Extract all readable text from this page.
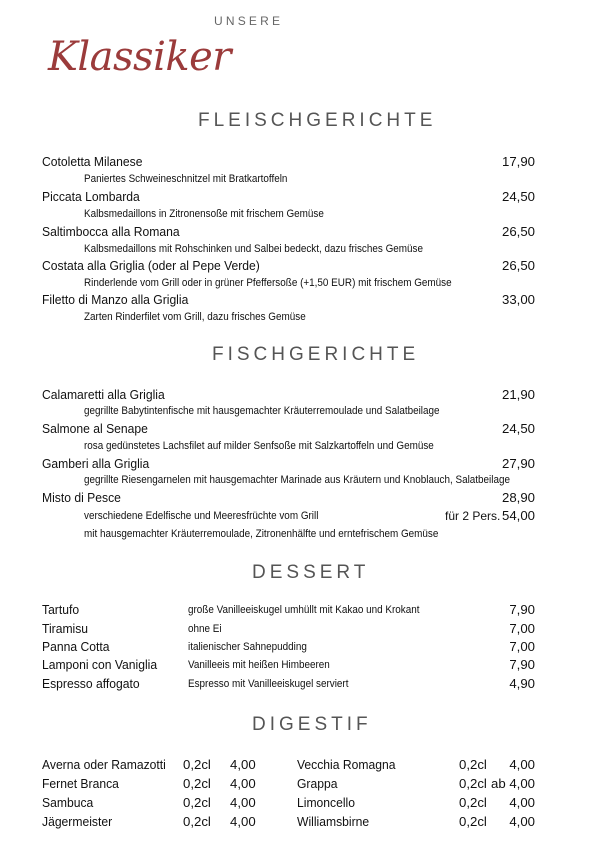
UNSERE
Klassiker
FLEISCHGERICHTE
Cotoletta Milanese	17,90
Paniertes Schweineschnitzel mit Bratkartoffeln
Piccata Lombarda	24,50
Kalbsmedaillons in Zitronensoße mit frischem Gemüse
Saltimbocca alla Romana	26,50
Kalbsmedaillons mit Rohschinken und Salbei bedeckt, dazu frisches Gemüse
Costata alla Griglia (oder al Pepe Verde)	26,50
Rinderlende vom Grill oder in grüner Pfeffersoße (+1,50 EUR) mit frischem Gemüse
Filetto di Manzo alla Griglia	33,00
Zarten Rinderfilet vom Grill, dazu frisches Gemüse
FISCHGERICHTE
Calamaretti alla Griglia	21,90
gegrillte Babytintenfische mit hausgemachter Kräuterremoulade und Salatbeilage
Salmone al Senape	24,50
rosa gedünstetes Lachsfilet auf milder Senfsoße mit Salzkartoffeln und Gemüse
Gamberi alla Griglia	27,90
gegrillte Riesengarnelen mit hausgemachter Marinade aus Kräutern und Knoblauch, Salatbeilage
Misto di Pesce	28,90
verschiedene Edelfische und Meeresfrüchte vom Grill	für 2 Pers. 54,00
mit hausgemachter Kräuterremoulade, Zitronenhälfte und erntefrischem Gemüse
DESSERT
Tartufo	große Vanilleeiskugel umhüllt mit Kakao und Krokant	7,90
Tiramisu	ohne Ei	7,00
Panna Cotta	italienischer Sahnepudding	7,00
Lamponi con Vaniglia	Vanilleeis mit heißen Himbeeren	7,90
Espresso affogato	Espresso mit Vanilleeiskugel serviert	4,90
DIGESTIF
Averna oder Ramazotti 0,2cl 4,00
Fernet Branca	0,2cl 4,00
Sambuca	0,2cl 4,00
Jägermeister	0,2cl 4,00
Vecchia Romagna	0,2cl 4,00
Grappa	0,2cl ab 4,00
Limoncello	0,2cl 4,00
Williamsbirne	0,2cl 4,00
